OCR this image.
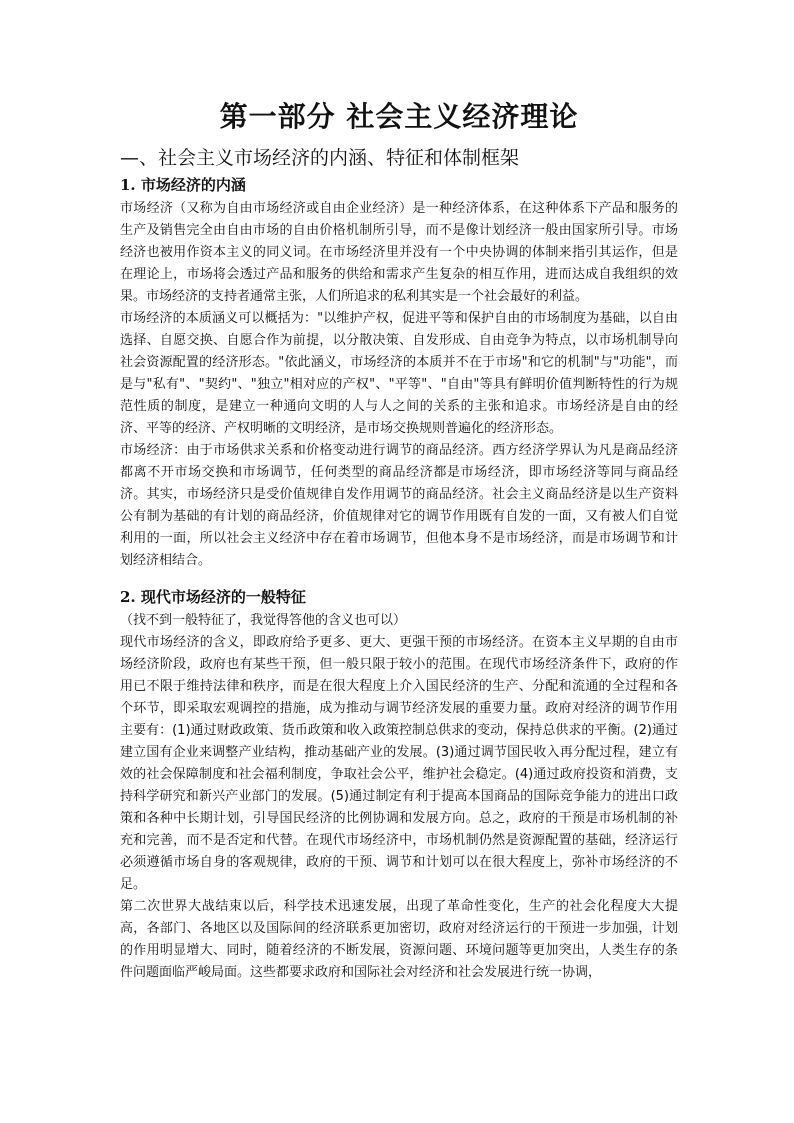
第一部分 社会主义经济理论
—、社会主义市场经济的内涵、特征和体制框架
1. 市场经济的内涵

市场经济（又称为自由市场经济或自由企业经济）是一种经济体系，在这种体系下产品和服务的生产及销售完全由自由市场的自由价格机制所引导，而不是像计划经济一般由国家所引导。市场经济也被用作资本主义的同义词。在市场经济里并没有一个中央协调的体制来指引其运作，但是在理论上，市场将会透过产品和服务的供给和需求产生复杂的相互作用，进而达成自我组织的效果。市场经济的支持者通常主张，人们所追求的私利其实是一个社会最好的利益。

市场经济的本质涵义可以概括为："以维护产权，促进平等和保护自由的市场制度为基础，以自由选择、自愿交换、自愿合作为前提，以分散决策、自发形成、自由竞争为特点，以市场机制导向社会资源配置的经济形态。"依此涵义，市场经济的本质并不在于市场"和它的机制"与"功能"，而是与"私有"、"契约"、"独立"相对应的产权"、"平等"、"自由"等具有鲜明价值判断特性的行为规范性质的制度，是建立一种通向文明的人与人之间的关系的主张和追求。市场经济是自由的经济、平等的经济、产权明晰的文明经济，是市场交换规则普遍化的经济形态。

市场经济：由于市场供求关系和价格变动进行调节的商品经济。西方经济学界认为凡是商品经济都离不开市场交换和市场调节，任何类型的商品经济都是市场经济，即市场经济等同与商品经济。其实，市场经济只是受价值规律自发作用调节的商品经济。社会主义商品经济是以生产资料公有制为基础的有计划的商品经济，价值规律对它的调节作用既有自发的一面，又有被人们自觉利用的一面，所以社会主义经济中存在着市场调节，但他本身不是市场经济，而是市场调节和计划经济相结合。

2. 现代市场经济的一般特征
（找不到一般特征了，我觉得答他的含义也可以）

现代市场经济的含义，即政府给予更多、更大、更强干预的市场经济。在资本主义早期的自由市场经济阶段，政府也有某些干预，但一般只限于较小的范围。在现代市场经济条件下，政府的作用已不限于维持法律和秩序，而是在很大程度上介入国民经济的生产、分配和流通的全过程和各个环节，即采取宏观调控的措施，成为推动与调节经济发展的重要力量。政府对经济的调节作用主要有：(1)通过财政政策、货币政策和收入政策控制总供求的变动，保持总供求的平衡。(2)通过建立国有企业来调整产业结构，推动基础产业的发展。(3)通过调节国民收入再分配过程，建立有效的社会保障制度和社会福利制度，争取社会公平，维护社会稳定。(4)通过政府投资和消费，支持科学研究和新兴产业部门的发展。(5)通过制定有利于提高本国商品的国际竞争能力的进出口政策和各种中长期计划，引导国民经济的比例协调和发展方向。总之，政府的干预是市场机制的补充和完善，而不是否定和代替。在现代市场经济中，市场机制仍然是资源配置的基础，经济运行必须遵循市场自身的客观规律，政府的干预、调节和计划可以在很大程度上，弥补市场经济的不足。

第二次世界大战结束以后，科学技术迅速发展，出现了革命性变化，生产的社会化程度大大提高，各部门、各地区以及国际间的经济联系更加密切，政府对经济运行的干预进一步加强，计划的作用明显增大、同时，随着经济的不断发展，资源问题、环境问题等更加突出，人类生存的条件问题面临严峻局面。这些都要求政府和国际社会对经济和社会发展进行统一协调，
